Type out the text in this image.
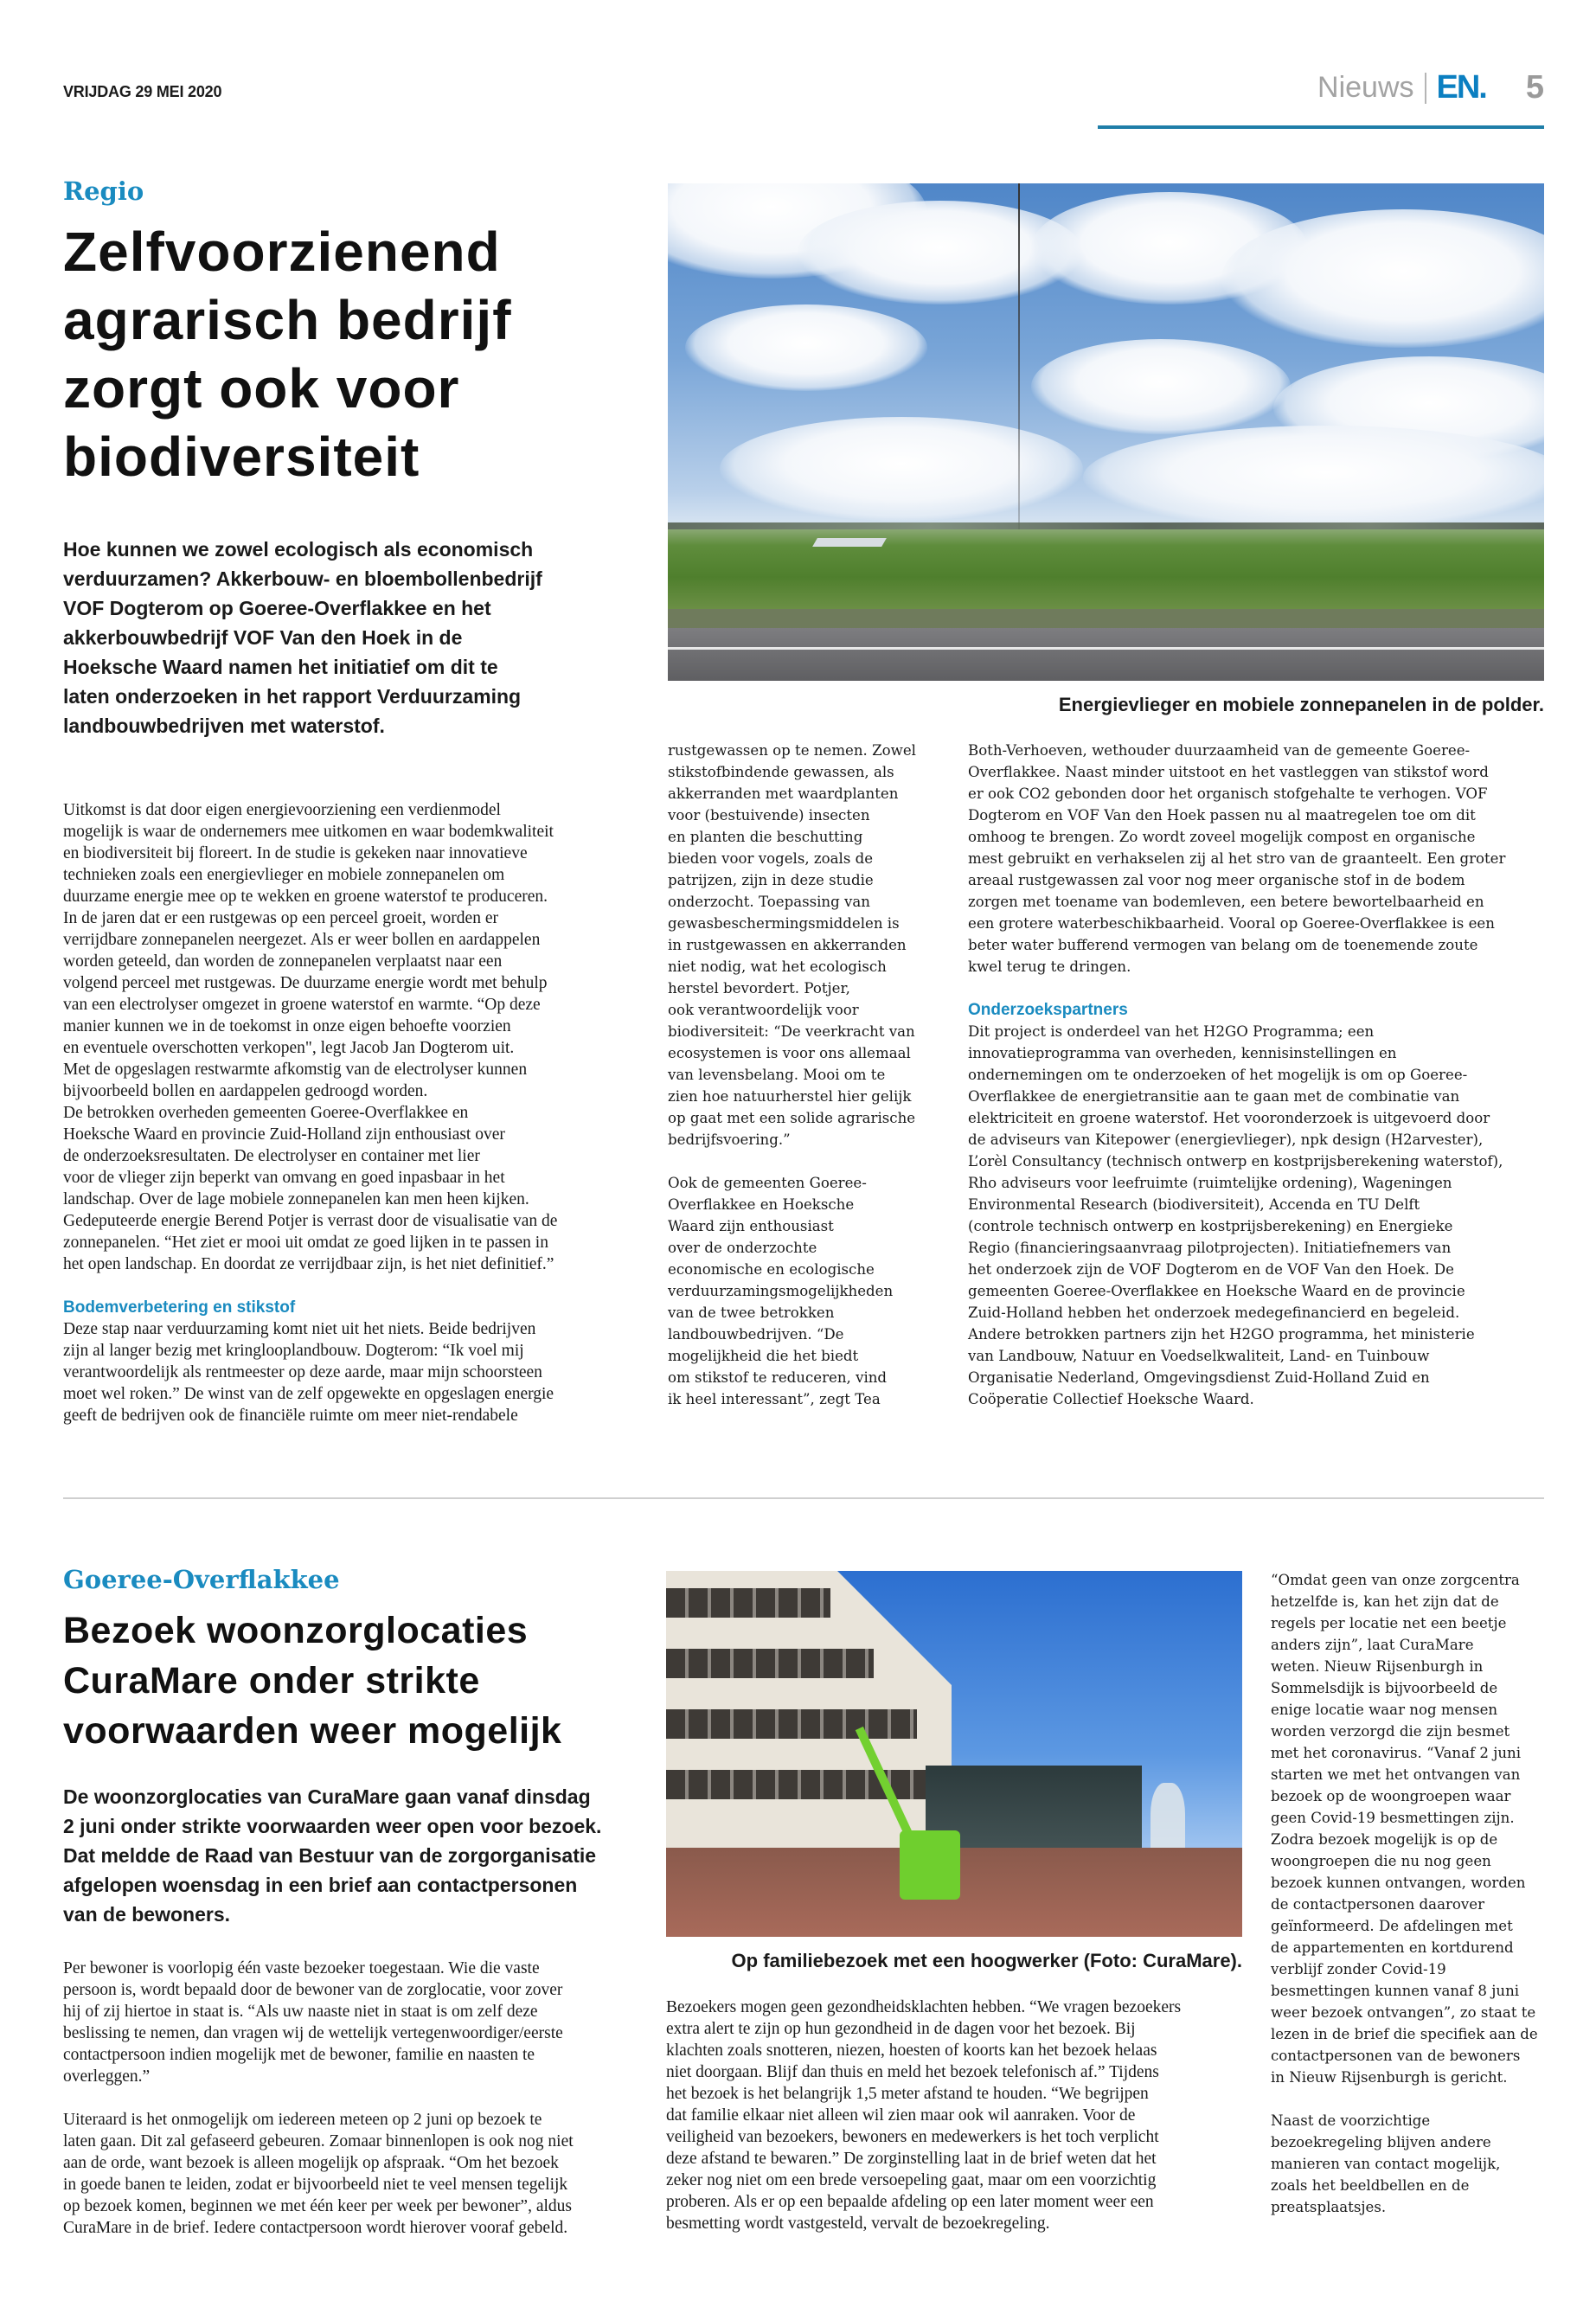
VRIJDAG 29 MEI 2020	Nieuws EN. 5
Regio
Zelfvoorzienend
agrarisch bedrijf
zorgt ook voor
biodiversiteit
Hoe kunnen we zowel ecologisch als economisch
verduurzamen? Akkerbouw- en bloembollenbedrijf
VOF Dogterom op Goeree-Overflakkee en het
akkerbouwbedrijf VOF Van den Hoek in de
Hoeksche Waard namen het initiatief om dit te
laten onderzoeken in het rapport Verduurzaming
landbouwbedrijven met waterstof.
Energievlieger en mobiele zonnepanelen in de polder.
Uitkomst is dat door eigen energievoorziening een verdienmodel
mogelijk is waar de ondernemers mee uitkomen en waar bodemkwaliteit
en biodiversiteit bij floreert. In de studie is gekeken naar innovatieve
technieken zoals een energievlieger en mobiele zonnepanelen om
duurzame energie mee op te wekken en groene waterstof te produceren.
In de jaren dat er een rustgewas op een perceel groeit, worden er
verrijdbare zonnepanelen neergezet. Als er weer bollen en aardappelen
worden geteeld, dan worden de zonnepanelen verplaatst naar een
volgend perceel met rustgewas. De duurzame energie wordt met behulp
van een electrolyser omgezet in groene waterstof en warmte. “Op deze
manier kunnen we in de toekomst in onze eigen behoefte voorzien
en eventuele overschotten verkopen", legt Jacob Jan Dogterom uit.
Met de opgeslagen restwarmte afkomstig van de electrolyser kunnen
bijvoorbeeld bollen en aardappelen gedroogd worden.
De betrokken overheden gemeenten Goeree-Overflakkee en
Hoeksche Waard en provincie Zuid-Holland zijn enthousiast over
de onderzoeksresultaten. De electrolyser en container met lier
voor de vlieger zijn beperkt van omvang en goed inpasbaar in het
landschap. Over de lage mobiele zonnepanelen kan men heen kijken.
Gedeputeerde energie Berend Potjer is verrast door de visualisatie van de
zonnepanelen. “Het ziet er mooi uit omdat ze goed lijken in te passen in
het open landschap. En doordat ze verrijdbaar zijn, is het niet definitief.”
Bodemverbetering en stikstof
Deze stap naar verduurzaming komt niet uit het niets. Beide bedrijven
zijn al langer bezig met kringlooplandbouw. Dogterom: “Ik voel mij
verantwoordelijk als rentmeester op deze aarde, maar mijn schoorsteen
moet wel roken.” De winst van de zelf opgewekte en opgeslagen energie
geeft de bedrijven ook de financiële ruimte om meer niet-rendabele
rustgewassen op te nemen. Zowel
stikstofbindende gewassen, als
akkerranden met waardplanten
voor (bestuivende) insecten
en planten die beschutting
bieden voor vogels, zoals de
patrijzen, zijn in deze studie
onderzocht. Toepassing van
gewasbeschermingsmiddelen is
in rustgewassen en akkerranden
niet nodig, wat het ecologisch
herstel bevordert. Potjer,
ook verantwoordelijk voor
biodiversiteit: “De veerkracht van
ecosystemen is voor ons allemaal
van levensbelang. Mooi om te
zien hoe natuurherstel hier gelijk
op gaat met een solide agrarische
bedrijfsvoering.”
Ook de gemeenten Goeree-
Overflakkee en Hoeksche
Waard zijn enthousiast
over de onderzochte
economische en ecologische
verduurzamingsmogelijkheden
van de twee betrokken
landbouwbedrijven. “De
mogelijkheid die het biedt
om stikstof te reduceren, vind
ik heel interessant”, zegt Tea
Both-Verhoeven, wethouder duurzaamheid van de gemeente Goeree-
Overflakkee. Naast minder uitstoot en het vastleggen van stikstof word
er ook CO2 gebonden door het organisch stofgehalte te verhogen. VOF
Dogterom en VOF Van den Hoek passen nu al maatregelen toe om dit
omhoog te brengen. Zo wordt zoveel mogelijk compost en organische
mest gebruikt en verhakselen zij al het stro van de graanteelt. Een groter
areaal rustgewassen zal voor nog meer organische stof in de bodem
zorgen met toename van bodemleven, een betere bewortelbaarheid en
een grotere waterbeschikbaarheid. Vooral op Goeree-Overflakkee is een
beter water bufferend vermogen van belang om de toenemende zoute
kwel terug te dringen.
Onderzoekspartners
Dit project is onderdeel van het H2GO Programma; een
innovatieprogramma van overheden, kennisinstellingen en
ondernemingen om te onderzoeken of het mogelijk is om op Goeree-
Overflakkee de energietransitie aan te gaan met de combinatie van
elektriciteit en groene waterstof. Het vooronderzoek is uitgevoerd door
de adviseurs van Kitepower (energievlieger), npk design (H2arvester),
L’orèl Consultancy (technisch ontwerp en kostprijsberekening waterstof),
Rho adviseurs voor leefruimte (ruimtelijke ordening), Wageningen
Environmental Research (biodiversiteit), Accenda en TU Delft
(controle technisch ontwerp en kostprijsberekening) en Energieke
Regio (financieringsaanvraag pilotprojecten). Initiatiefnemers van
het onderzoek zijn de VOF Dogterom en de VOF Van den Hoek. De
gemeenten Goeree-Overflakkee en Hoeksche Waard en de provincie
Zuid-Holland hebben het onderzoek medegefinancierd en begeleid.
Andere betrokken partners zijn het H2GO programma, het ministerie
van Landbouw, Natuur en Voedselkwaliteit, Land- en Tuinbouw
Organisatie Nederland, Omgevingsdienst Zuid-Holland Zuid en
Coöperatie Collectief Hoeksche Waard.
Goeree-Overflakkee
Bezoek woonzorglocaties
CuraMare onder strikte
voorwaarden weer mogelijk
De woonzorglocaties van CuraMare gaan vanaf dinsdag
2 juni onder strikte voorwaarden weer open voor bezoek.
Dat meldde de Raad van Bestuur van de zorgorganisatie
afgelopen woensdag in een brief aan contactpersonen
van de bewoners.
Op familiebezoek met een hoogwerker (Foto: CuraMare).
Per bewoner is voorlopig één vaste bezoeker toegestaan. Wie die vaste
persoon is, wordt bepaald door de bewoner van de zorglocatie, voor zover
hij of zij hiertoe in staat is. “Als uw naaste niet in staat is om zelf deze
beslissing te nemen, dan vragen wij de wettelijk vertegenwoordiger/eerste
contactpersoon indien mogelijk met de bewoner, familie en naasten te
overleggen.”
Uiteraard is het onmogelijk om iedereen meteen op 2 juni op bezoek te
laten gaan. Dit zal gefaseerd gebeuren. Zomaar binnenlopen is ook nog niet
aan de orde, want bezoek is alleen mogelijk op afspraak. “Om het bezoek
in goede banen te leiden, zodat er bijvoorbeeld niet te veel mensen tegelijk
op bezoek komen, beginnen we met één keer per week per bewoner”, aldus
CuraMare in de brief. Iedere contactpersoon wordt hierover vooraf gebeld.
Bezoekers mogen geen gezondheidsklachten hebben. “We vragen bezoekers
extra alert te zijn op hun gezondheid in de dagen voor het bezoek. Bij
klachten zoals snotteren, niezen, hoesten of koorts kan het bezoek helaas
niet doorgaan. Blijf dan thuis en meld het bezoek telefonisch af.” Tijdens
het bezoek is het belangrijk 1,5 meter afstand te houden. “We begrijpen
dat familie elkaar niet alleen wil zien maar ook wil aanraken. Voor de
veiligheid van bezoekers, bewoners en medewerkers is het toch verplicht
deze afstand te bewaren.” De zorginstelling laat in de brief weten dat het
zeker nog niet om een brede versoepeling gaat, maar om een voorzichtig
proberen. Als er op een bepaalde afdeling op een later moment weer een
besmetting wordt vastgesteld, vervalt de bezoekregeling.
“Omdat geen van onze zorgcentra
hetzelfde is, kan het zijn dat de
regels per locatie net een beetje
anders zijn”, laat CuraMare
weten. Nieuw Rijsenburgh in
Sommelsdijk is bijvoorbeeld de
enige locatie waar nog mensen
worden verzorgd die zijn besmet
met het coronavirus. “Vanaf 2 juni
starten we met het ontvangen van
bezoek op de woongroepen waar
geen Covid-19 besmettingen zijn.
Zodra bezoek mogelijk is op de
woongroepen die nu nog geen
bezoek kunnen ontvangen, worden
de contactpersonen daarover
geïnformeerd. De afdelingen met
de appartementen en kortdurend
verblijf zonder Covid-19
besmettingen kunnen vanaf 8 juni
weer bezoek ontvangen”, zo staat te
lezen in de brief die specifiek aan de
contactpersonen van de bewoners
in Nieuw Rijsenburgh is gericht.
Naast de voorzichtige
bezoekregeling blijven andere
manieren van contact mogelijk,
zoals het beeldbellen en de
preatsplaatsjes.
